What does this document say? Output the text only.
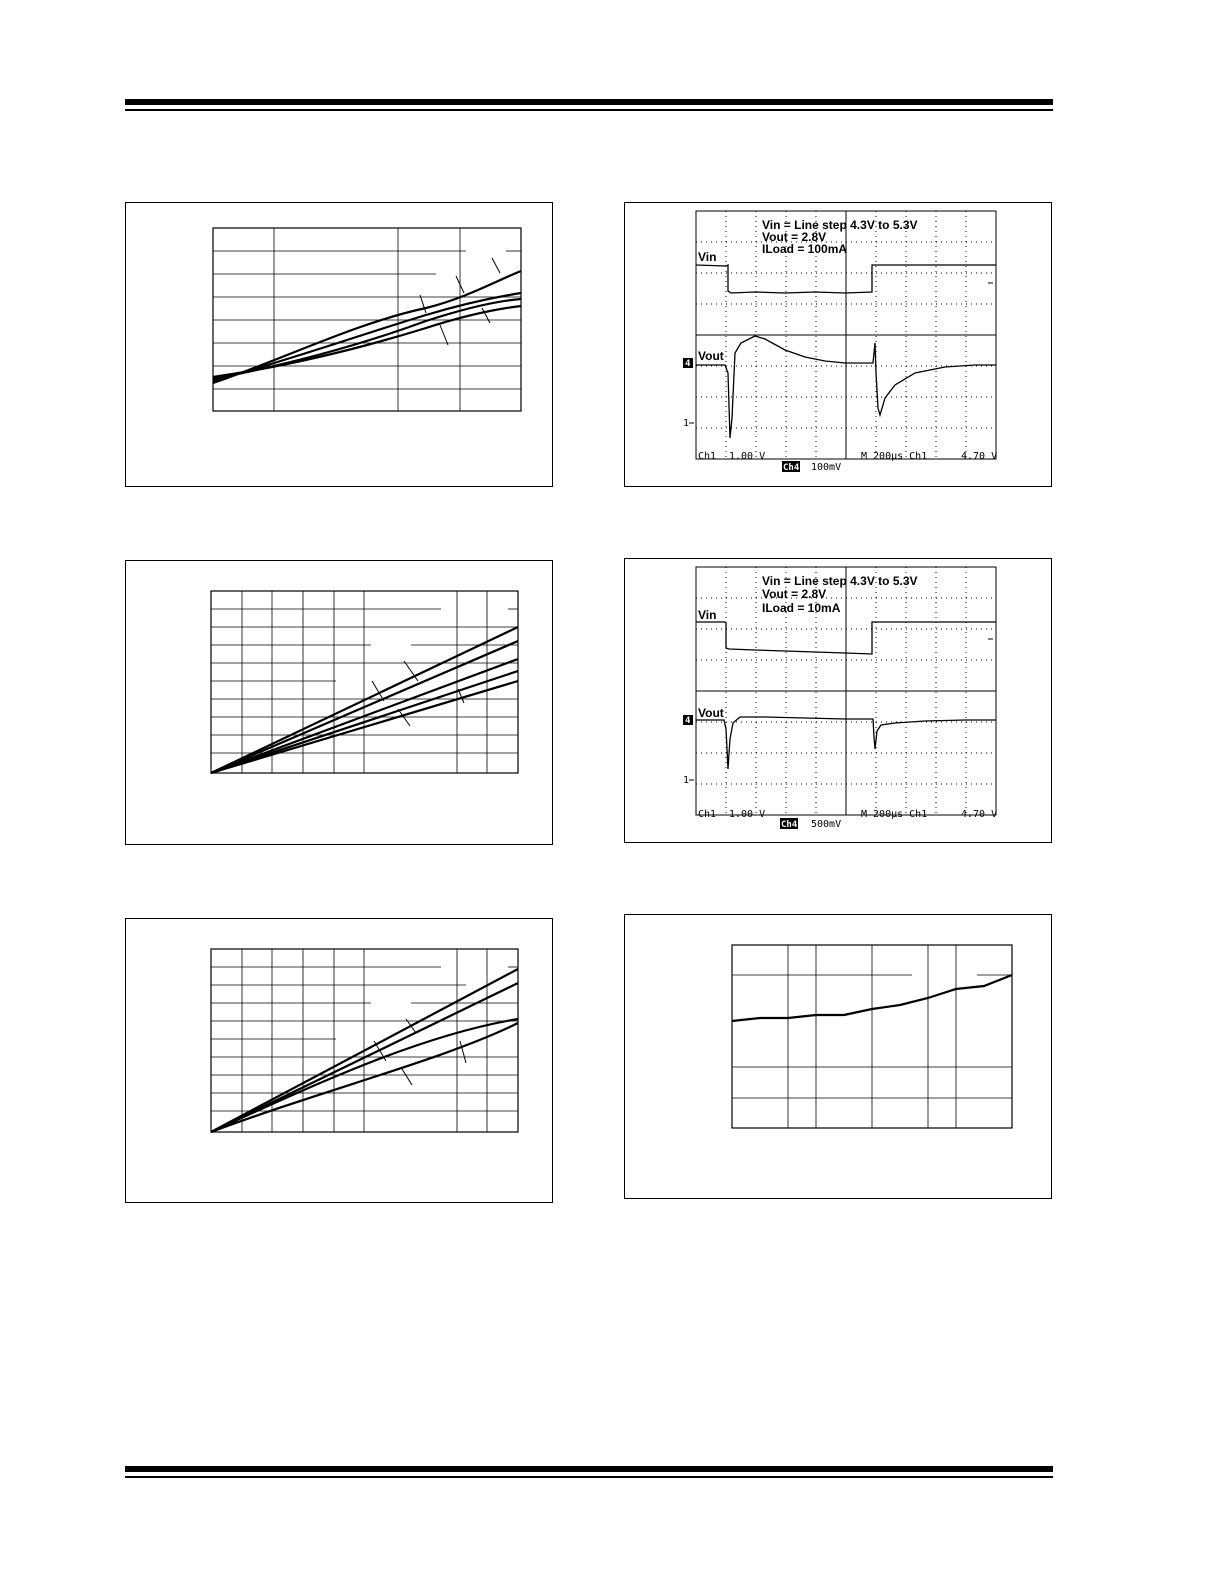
Vin = Line step 4.3V to 5.3V
Vout = 2.8V
ILoad = 100mA
Vin
Vout
4
1
Ch1 1.00 V	M 200µs Ch1	4.70 V
Ch4 100mV
Vin = Line step 4.3V to 5.3V
Vout = 2.8V
ILoad = 10mA
Vin
Vout
4
1
Ch1 1.00 V	M 200µs Ch1	4.70 V
Ch4 500mV
